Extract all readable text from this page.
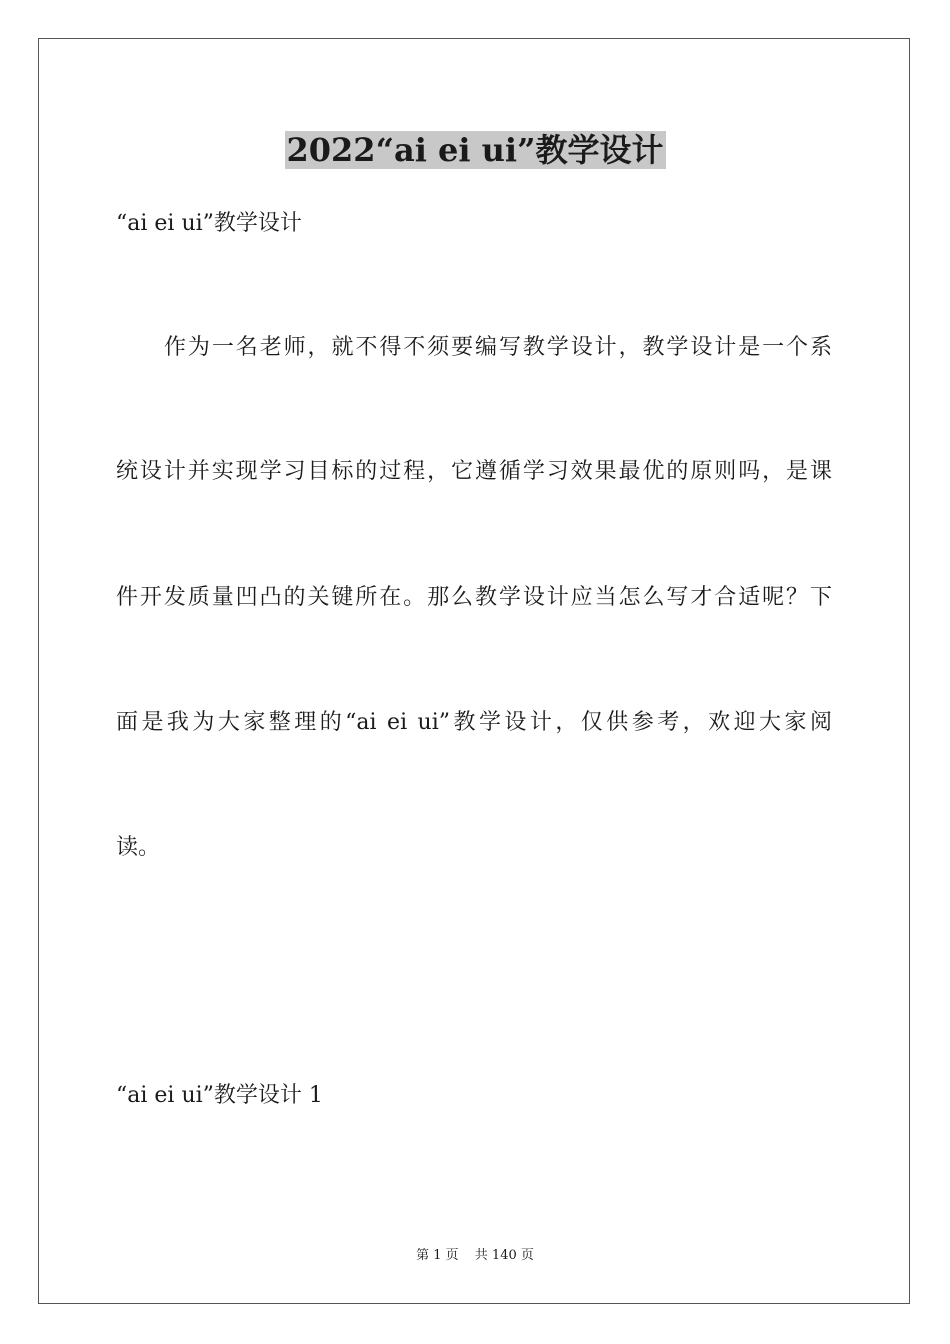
2022“ai ei ui”教学设计

“ai ei ui”教学设计

作为一名老师，就不得不须要编写教学设计，教学设计是一个系
统设计并实现学习目标的过程，它遵循学习效果最优的原则吗，是课
件开发质量凹凸的关键所在。那么教学设计应当怎么写才合适呢？下
面是我为大家整理的“ai ei ui”教学设计，仅供参考，欢迎大家阅
读。

“ai ei ui”教学设计 1

第 1 页 共 140 页
